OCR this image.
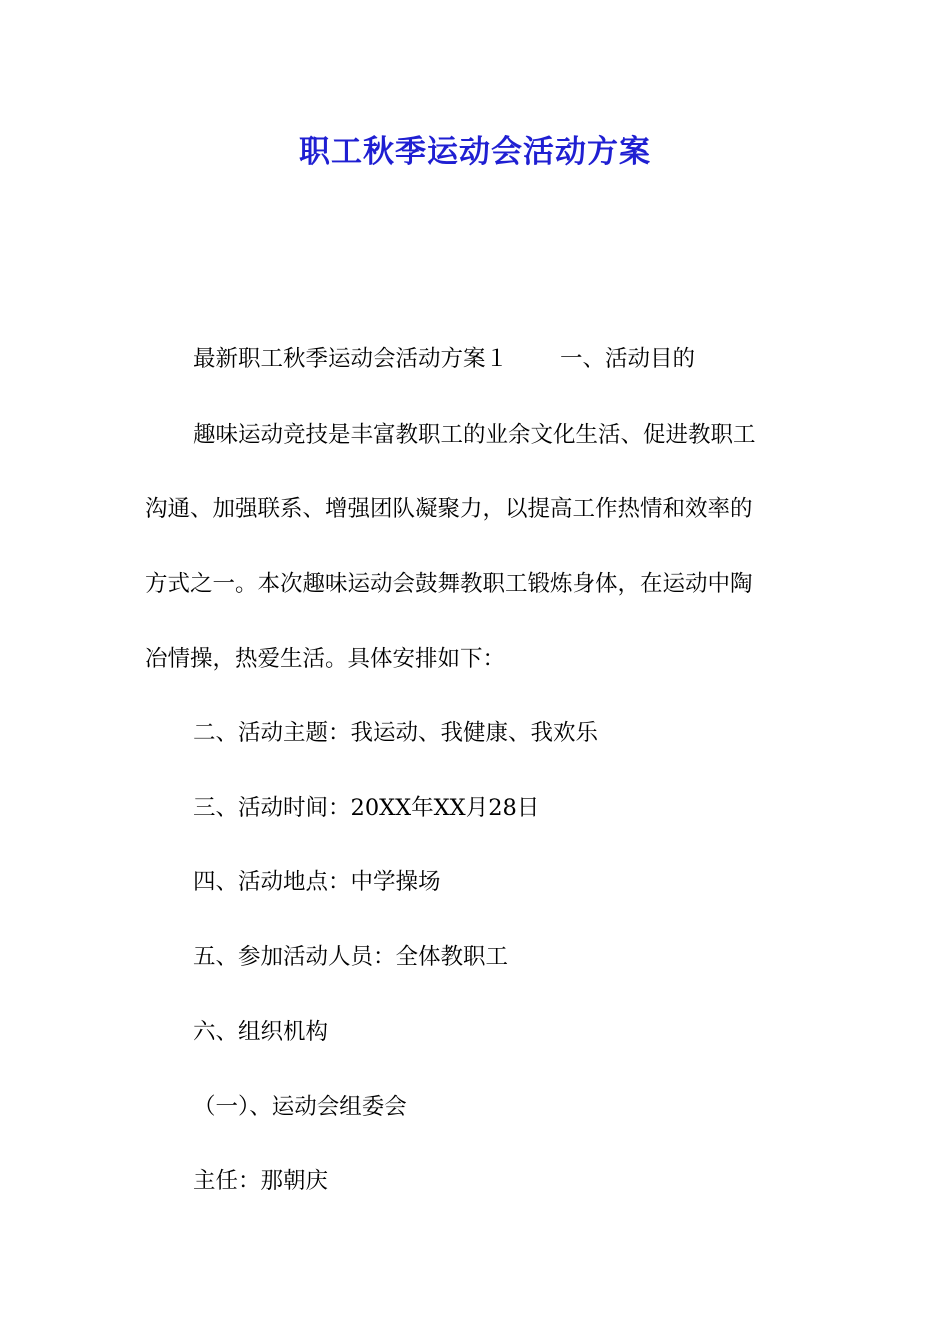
职工秋季运动会活动方案
最新职工秋季运动会活动方案１ 一、活动目的
趣味运动竞技是丰富教职工的业余文化生活、促进教职工
沟通、加强联系、增强团队凝聚力，以提高工作热情和效率的
方式之一。本次趣味运动会鼓舞教职工锻炼身体，在运动中陶
冶情操，热爱生活。具体安排如下：
二、活动主题：我运动、我健康、我欢乐
三、活动时间：20XX年XX月28日
四、活动地点：中学操场
五、参加活动人员：全体教职工
六、组织机构
（一）、运动会组委会
主任：那朝庆
